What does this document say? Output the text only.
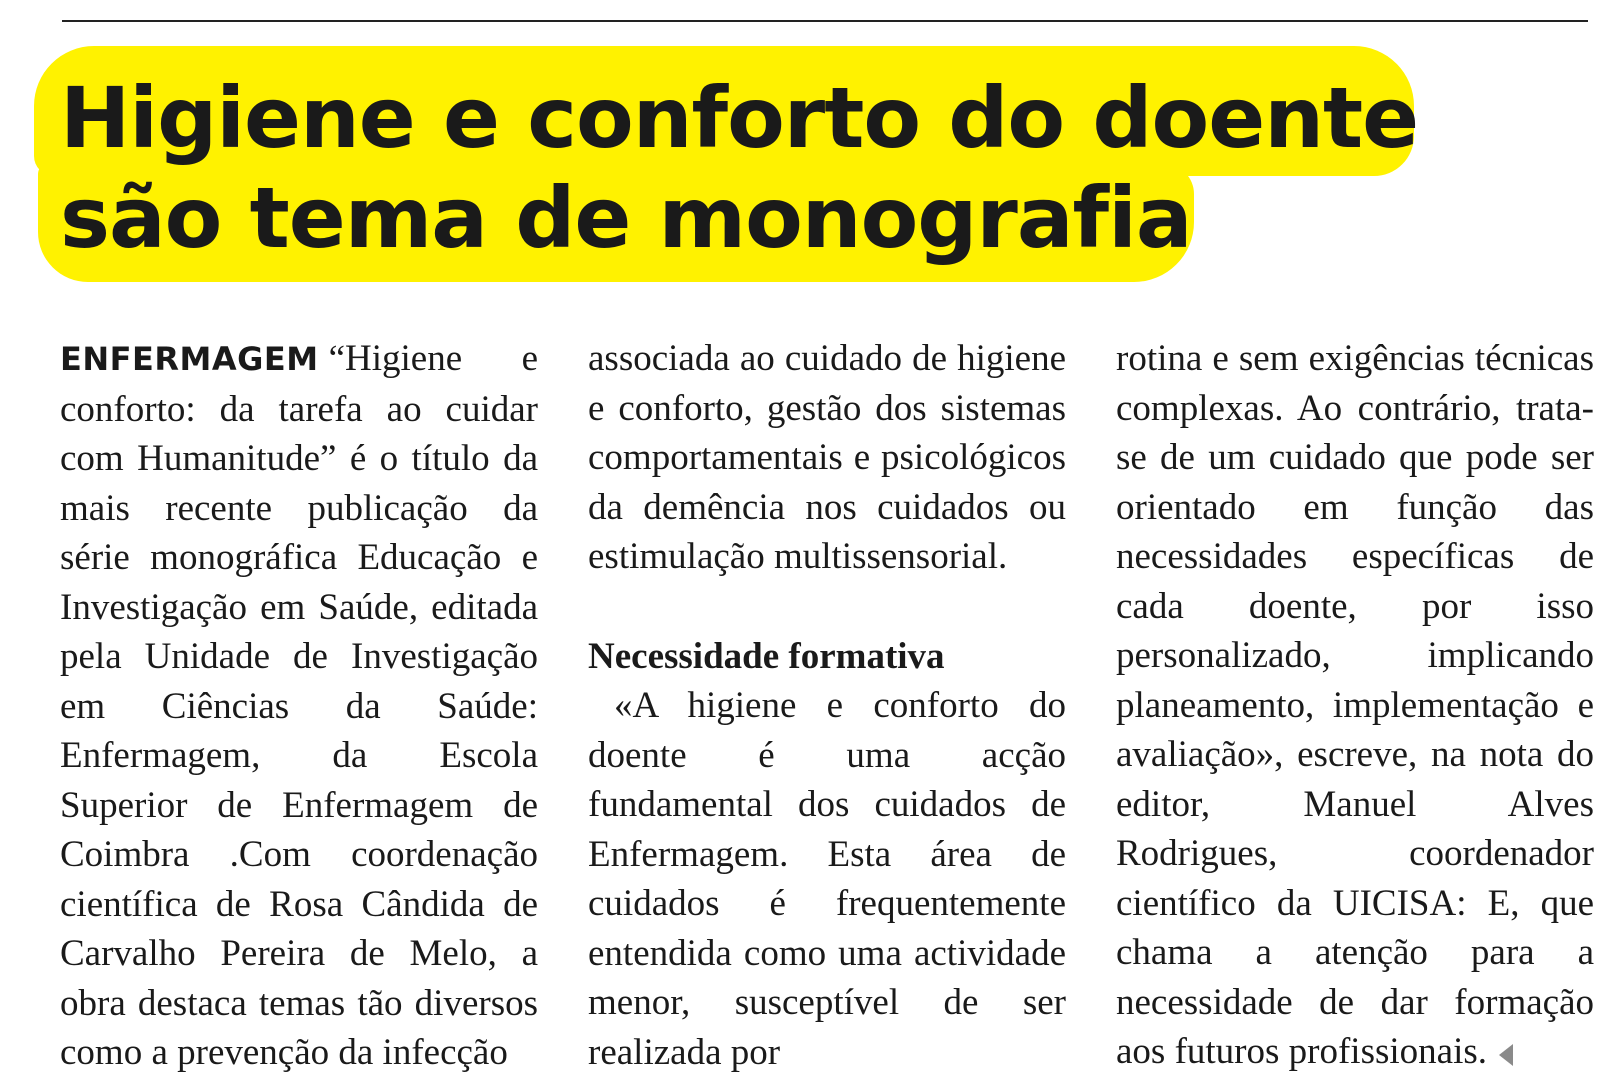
Higiene e conforto do doente
são tema de monografia

ENFERMAGEM “Higiene e conforto: da tarefa ao cuidar com Humanitude” é o título da mais recente publicação da série monográfica Educação e Investigação em Saúde, editada pela Unidade de Investigação em Ciências da Saúde: Enfermagem, da Escola Superior de Enfermagem de Coimbra .Com coordenação científica de Rosa Cândida de Carvalho Pereira de Melo, a obra destaca temas tão diversos como a prevenção da infecção

associada ao cuidado de higiene e conforto, gestão dos sistemas comportamentais e psicológicos da demência nos cuidados ou estimulação multissensorial.

Necessidade formativa

«A higiene e conforto do doente é uma acção fundamental dos cuidados de Enfermagem. Esta área de cuidados é frequentemente entendida como uma actividade menor, susceptível de ser realizada por

rotina e sem exigências técnicas complexas. Ao contrário, trata-se de um cuidado que pode ser orientado em função das necessidades específicas de cada doente, por isso personalizado, implicando planeamento, implementação e avaliação», escreve, na nota do editor, Manuel Alves Rodrigues, coordenador científico da UICISA: E, que chama a atenção para a necessidade de dar formação aos futuros profissionais.
